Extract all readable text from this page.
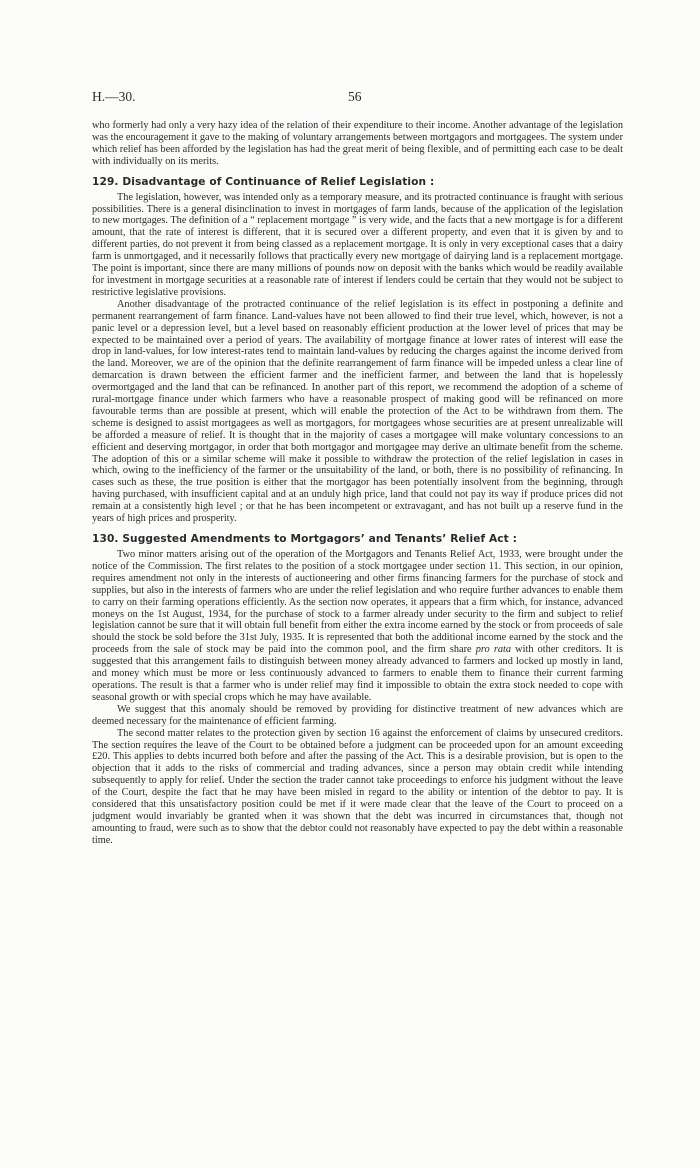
H.—30.	56

who formerly had only a very hazy idea of the relation of their expenditure to their income. Another advantage of the legislation was the encouragement it gave to the making of voluntary arrangements between mortgagors and mortgagees. The system under which relief has been afforded by the legislation has had the great merit of being flexible, and of permitting each case to be dealt with individually on its merits.

129. Disadvantage of Continuance of Relief Legislation :

The legislation, however, was intended only as a temporary measure, and its protracted continuance is fraught with serious possibilities. There is a general disinclination to invest in mortgages of farm lands, because of the application of the legislation to new mortgages. The definition of a “ replacement mortgage ” is very wide, and the facts that a new mortgage is for a different amount, that the rate of interest is different, that it is secured over a different property, and even that it is given by and to different parties, do not prevent it from being classed as a replacement mortgage. It is only in very exceptional cases that a dairy farm is unmortgaged, and it necessarily follows that practically every new mortgage of dairying land is a replacement mortgage. The point is important, since there are many millions of pounds now on deposit with the banks which would be readily available for investment in mortgage securities at a reasonable rate of interest if lenders could be certain that they would not be subject to restrictive legislative provisions.

Another disadvantage of the protracted continuance of the relief legislation is its effect in postponing a definite and permanent rearrangement of farm finance. Land-values have not been allowed to find their true level, which, however, is not a panic level or a depression level, but a level based on reasonably efficient production at the lower level of prices that may be expected to be maintained over a period of years. The availability of mortgage finance at lower rates of interest will ease the drop in land-values, for low interest-rates tend to maintain land-values by reducing the charges against the income derived from the land. Moreover, we are of the opinion that the definite rearrangement of farm finance will be impeded unless a clear line of demarcation is drawn between the efficient farmer and the inefficient farmer, and between the land that is hopelessly overmortgaged and the land that can be refinanced. In another part of this report, we recommend the adoption of a scheme of rural-mortgage finance under which farmers who have a reasonable prospect of making good will be refinanced on more favourable terms than are possible at present, which will enable the protection of the Act to be withdrawn from them. The scheme is designed to assist mortgagees as well as mortgagors, for mortgagees whose securities are at present unrealizable will be afforded a measure of relief. It is thought that in the majority of cases a mortgagee will make voluntary concessions to an efficient and deserving mortgagor, in order that both mortgagor and mortgagee may derive an ultimate benefit from the scheme. The adoption of this or a similar scheme will make it possible to withdraw the protection of the relief legislation in cases in which, owing to the inefficiency of the farmer or the unsuitability of the land, or both, there is no possibility of refinancing. In cases such as these, the true position is either that the mortgagor has been potentially insolvent from the beginning, through having purchased, with insufficient capital and at an unduly high price, land that could not pay its way if produce prices did not remain at a consistently high level ; or that he has been incompetent or extravagant, and has not built up a reserve fund in the years of high prices and prosperity.

130. Suggested Amendments to Mortgagors’ and Tenants’ Relief Act :

Two minor matters arising out of the operation of the Mortgagors and Tenants Relief Act, 1933, were brought under the notice of the Commission. The first relates to the position of a stock mortgagee under section 11. This section, in our opinion, requires amendment not only in the interests of auctioneering and other firms financing farmers for the purchase of stock and supplies, but also in the interests of farmers who are under the relief legislation and who require further advances to enable them to carry on their farming operations efficiently. As the section now operates, it appears that a firm which, for instance, advanced moneys on the 1st August, 1934, for the purchase of stock to a farmer already under security to the firm and subject to relief legislation cannot be sure that it will obtain full benefit from either the extra income earned by the stock or from proceeds of sale should the stock be sold before the 31st July, 1935. It is represented that both the additional income earned by the stock and the proceeds from the sale of stock may be paid into the common pool, and the firm share pro rata with other creditors. It is suggested that this arrangement fails to distinguish between money already advanced to farmers and locked up mostly in land, and money which must be more or less continuously advanced to farmers to enable them to finance their current farming operations. The result is that a farmer who is under relief may find it impossible to obtain the extra stock needed to cope with seasonal growth or with special crops which he may have available.

We suggest that this anomaly should be removed by providing for distinctive treatment of new advances which are deemed necessary for the maintenance of efficient farming.

The second matter relates to the protection given by section 16 against the enforcement of claims by unsecured creditors. The section requires the leave of the Court to be obtained before a judgment can be proceeded upon for an amount exceeding £20. This applies to debts incurred both before and after the passing of the Act. This is a desirable provision, but is open to the objection that it adds to the risks of commercial and trading advances, since a person may obtain credit while intending subsequently to apply for relief. Under the section the trader cannot take proceedings to enforce his judgment without the leave of the Court, despite the fact that he may have been misled in regard to the ability or intention of the debtor to pay. It is considered that this unsatisfactory position could be met if it were made clear that the leave of the Court to proceed on a judgment would invariably be granted when it was shown that the debt was incurred in circumstances that, though not amounting to fraud, were such as to show that the debtor could not reasonably have expected to pay the debt within a reasonable time.
